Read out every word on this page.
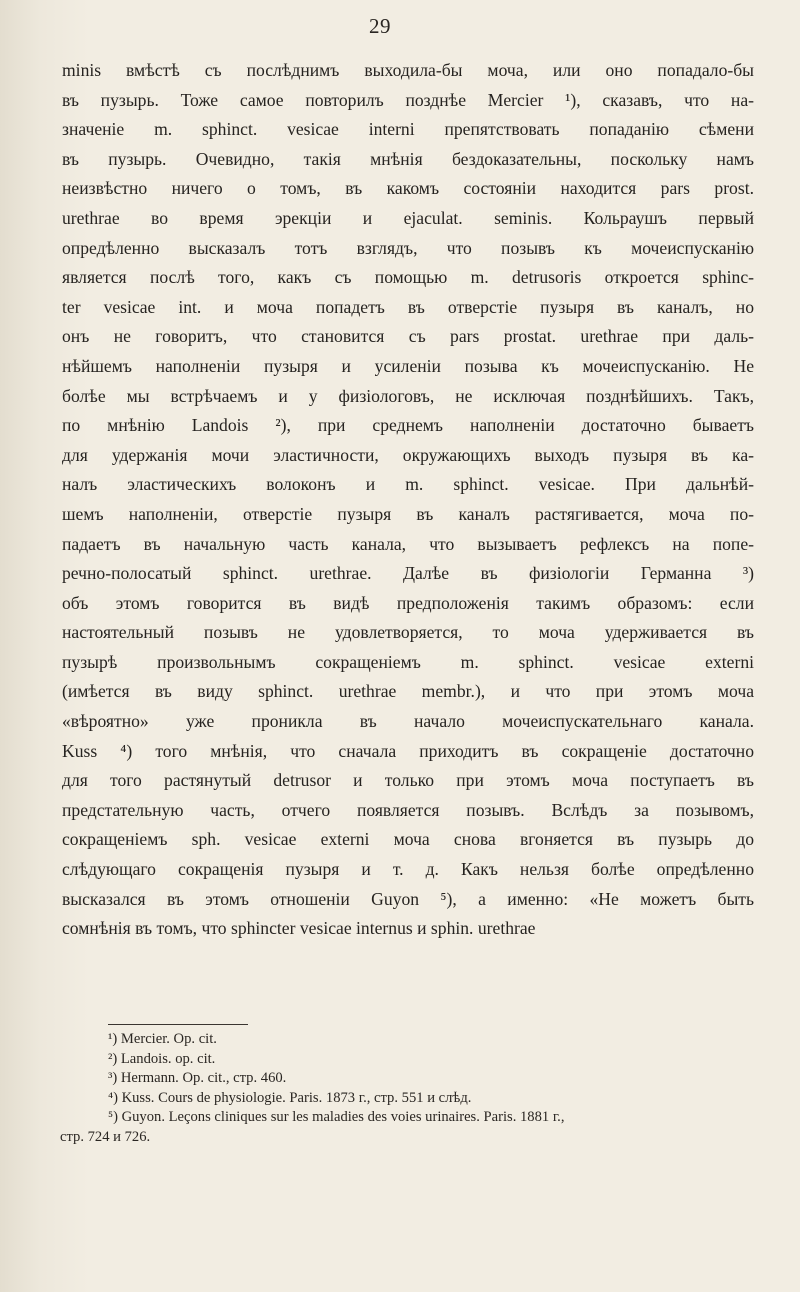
29
minis вмѣстѣ съ послѣднимъ выходила-бы моча, или оно попадало-бы
въ пузырь. Тоже самое повторилъ позднѣе Mercier ¹), сказавъ, что на-
значеніе m. sphinct. vesicae interni препятствовать попаданію сѣмени
въ пузырь. Очевидно, такія мнѣнія бездоказательны, поскольку намъ
неизвѣстно ничего о томъ, въ какомъ состояніи находится pars prost.
urethrae во время эрекціи и ejaculat. seminis. Кольраушъ первый
опредѣленно высказалъ тотъ взглядъ, что позывъ къ мочеиспусканію
является послѣ того, какъ съ помощью m. detrusoris откроется sphinc-
ter vesicae int. и моча попадетъ въ отверстіе пузыря въ каналъ, но
онъ не говоритъ, что становится съ pars prostat. urethrae при даль-
нѣйшемъ наполненіи пузыря и усиленіи позыва къ мочеиспусканію. Не
болѣе мы встрѣчаемъ и у физіологовъ, не исключая позднѣйшихъ. Такъ,
по мнѣнію Landois ²), при среднемъ наполненіи достаточно бываетъ
для удержанія мочи эластичности, окружающихъ выходъ пузыря въ ка-
налъ эластическихъ волоконъ и m. sphinct. vesicae. При дальнѣй-
шемъ наполненіи, отверстіе пузыря въ каналъ растягивается, моча по-
падаетъ въ начальную часть канала, что вызываетъ рефлексъ на попе-
речно-полосатый sphinct. urethrae. Далѣе въ физіологіи Германна ³)
объ этомъ говорится въ видѣ предположенія такимъ образомъ: если
настоятельный позывъ не удовлетворяется, то моча удерживается въ
пузырѣ произвольнымъ сокращеніемъ m. sphinct. vesicae externi
(имѣется въ виду sphinct. urethrae membr.), и что при этомъ моча
«вѣроятно» уже проникла въ начало мочеиспускательнаго канала.
Kuss ⁴) того мнѣнія, что сначала приходитъ въ сокращеніе достаточно
для того растянутый detrusor и только при этомъ моча поступаетъ въ
предстательную часть, отчего появляется позывъ. Вслѣдъ за позывомъ,
сокращеніемъ sph. vesicae externi моча снова вгоняется въ пузырь до
слѣдующаго сокращенія пузыря и т. д. Какъ нельзя болѣе опредѣленно
высказался въ этомъ отношеніи Guyon ⁵), а именно: «Не можетъ быть
сомнѣнія въ томъ, что sphincter vesicae internus и sphin. urethrae
¹) Mercier. Op. cit.
²) Landois. op. cit.
³) Hermann. Op. cit., стр. 460.
⁴) Kuss. Cours de physiologie. Paris. 1873 г., стр. 551 и слѣд.
⁵) Guyon. Leçons cliniques sur les maladies des voies urinaires. Paris. 1881 г.,
стр. 724 и 726.
